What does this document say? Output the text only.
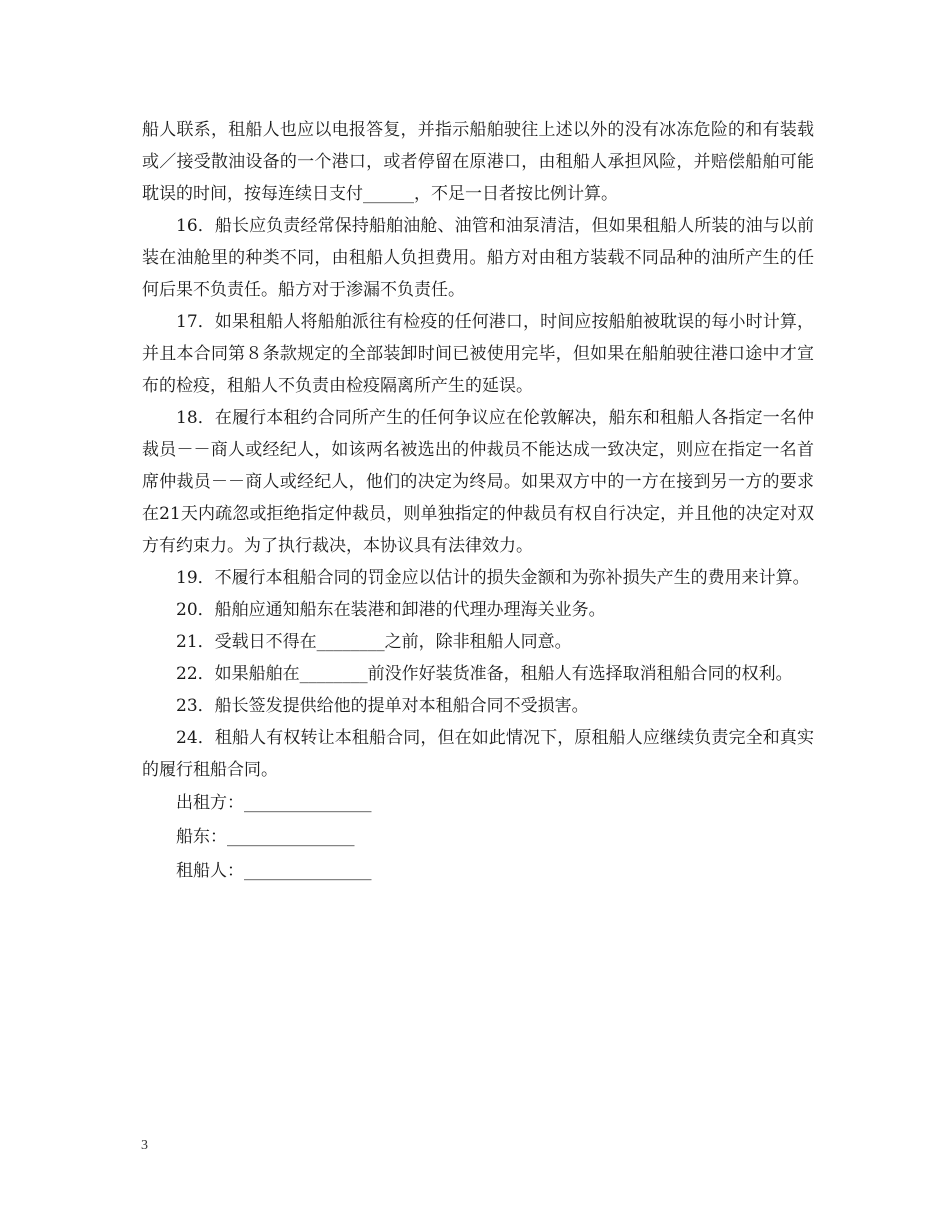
船人联系，租船人也应以电报答复，并指示船舶驶往上述以外的没有冰冻危险的和有装载或／接受散油设备的一个港口，或者停留在原港口，由租船人承担风险，并赔偿船舶可能耽误的时间，按每连续日支付______，不足一日者按比例计算。

16．船长应负责经常保持船舶油舱、油管和油泵清洁，但如果租船人所装的油与以前装在油舱里的种类不同，由租船人负担费用。船方对由租方装载不同品种的油所产生的任何后果不负责任。船方对于渗漏不负责任。

17．如果租船人将船舶派往有检疫的任何港口，时间应按船舶被耽误的每小时计算，并且本合同第８条款规定的全部装卸时间已被使用完毕，但如果在船舶驶往港口途中才宣布的检疫，租船人不负责由检疫隔离所产生的延误。

18．在履行本租约合同所产生的任何争议应在伦敦解决，船东和租船人各指定一名仲裁员－－商人或经纪人，如该两名被选出的仲裁员不能达成一致决定，则应在指定一名首席仲裁员－－商人或经纪人，他们的决定为终局。如果双方中的一方在接到另一方的要求在21天内疏忽或拒绝指定仲裁员，则单独指定的仲裁员有权自行决定，并且他的决定对双方有约束力。为了执行裁决，本协议具有法律效力。

19．不履行本租船合同的罚金应以估计的损失金额和为弥补损失产生的费用来计算。

20．船舶应通知船东在装港和卸港的代理办理海关业务。

21．受载日不得在________之前，除非租船人同意。

22．如果船舶在________前没作好装货准备，租船人有选择取消租船合同的权利。

23．船长签发提供给他的提单对本租船合同不受损害。

24．租船人有权转让本租船合同，但在如此情况下，原租船人应继续负责完全和真实的履行租船合同。

出租方：_______________

船东：_______________

租船人：_______________

3
